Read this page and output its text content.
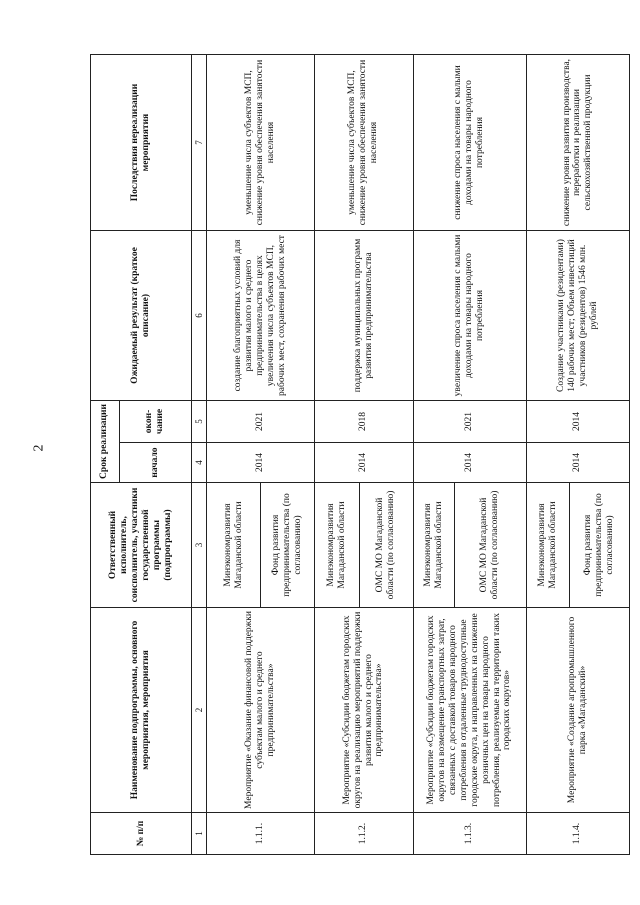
2
№ п/п	Наименование подпрограммы, основного мероприятия, мероприятия	Ответственный исполнитель, соисполнитель, участники государственной программы (подпрограммы)	Срок реализации		Ожидаемый результат (краткое описание)	Последствия нереализации мероприятия
			начало	окон-чание		
1	2	3	4	5	6	7
1.1.1.	Мероприятие «Оказание финансовой поддержки субъектам малого и среднего предпринимательства»	Минэкономразвития Магаданской области	2014	2021	создание благоприятных условий для развития малого и среднего предпринимательства в целях увеличения числа субъектов МСП, рабочих мест, сохранения рабочих мест	уменьшение числа субъектов МСП, снижение уровня обеспечения занятости населения
		Фонд развития предпринимательства (по согласованию)				
1.1.2.	Мероприятие «Субсидии бюджетам городских округов на реализацию мероприятий поддержки развития малого и среднего предпринимательства»	Минэкономразвития Магаданской области	2014	2018	поддержка муниципальных программ развития предпринимательства	уменьшение числа субъектов МСП, снижение уровня обеспечения занятости населения
		ОМС МО Магаданской области (по согласованию)				
1.1.3.	Мероприятие «Субсидии бюджетам городских округов на возмещение транспортных затрат, связанных с доставкой товаров народного потребления в отдаленные труднодоступные городские округа, и направленных на снижение розничных цен на товары народного потребления, реализуемые на территории таких городских округов»	Минэкономразвития Магаданской области	2014	2021	увеличение спроса населения с малыми доходами на товары народного потребления	снижение спроса населения с малыми доходами на товары народного потребления
		ОМС МО Магаданской области (по согласованию)				
1.1.4.	Мероприятие «Создание агропромышленного парка «Магаданский»	Минэкономразвития Магаданской области	2014	2014	Создание участниками (резидентами) 140 рабочих мест; Объем инвестиций участников (резидентов) 1546 млн. рублей	снижение уровня развития производства, переработки и реализации сельскохозяйственной продукции
		Фонд развития предпринимательства (по согласованию)				
